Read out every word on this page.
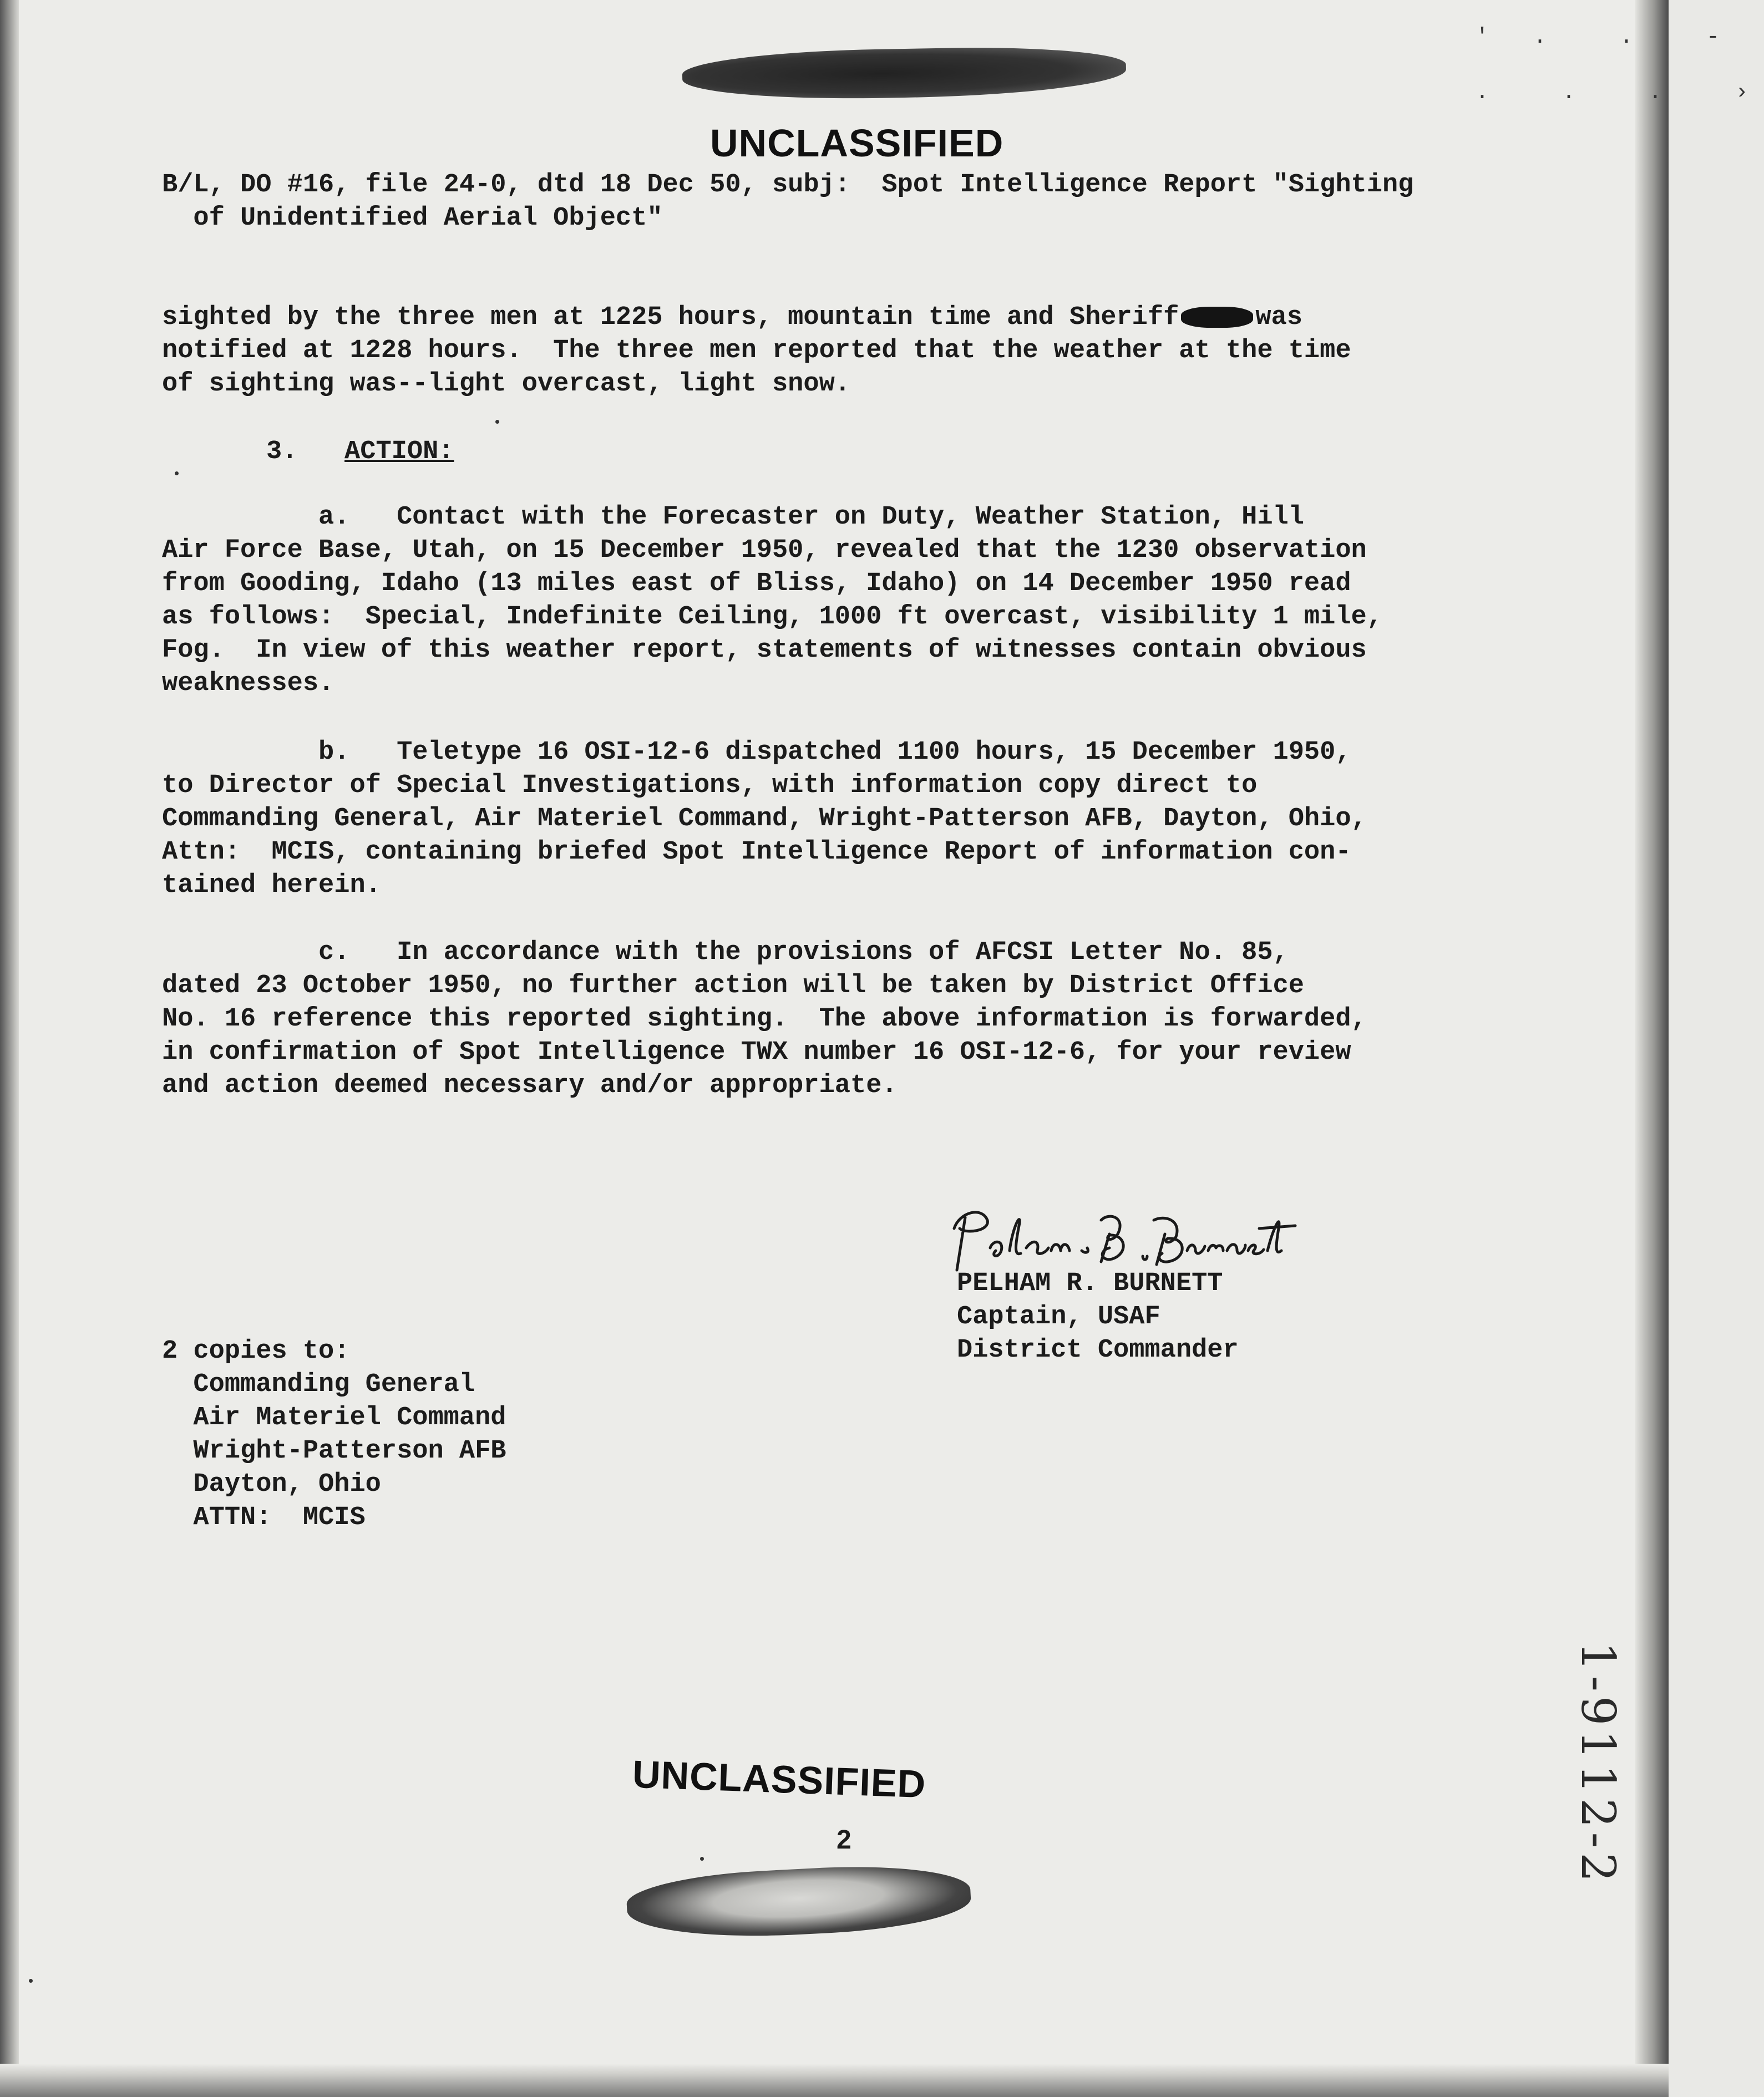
' .  .  -
.  .  .  ›
UNCLASSIFIED
B/L, DO #16, file 24-0, dtd 18 Dec 50, subj:  Spot Intelligence Report "Sighting
of Unidentified Aerial Object"
sighted by the three men at 1225 hours, mountain time and Sheriff	was
notified at 1228 hours.  The three men reported that the weather at the time
of sighting was--light overcast, light snow.
3. ACTION:
a.   Contact with the Forecaster on Duty, Weather Station, Hill
Air Force Base, Utah, on 15 December 1950, revealed that the 1230 observation
from Gooding, Idaho (13 miles east of Bliss, Idaho) on 14 December 1950 read
as follows:  Special, Indefinite Ceiling, 1000 ft overcast, visibility 1 mile,
Fog.  In view of this weather report, statements of witnesses contain obvious
weaknesses.
b.   Teletype 16 OSI-12-6 dispatched 1100 hours, 15 December 1950,
to Director of Special Investigations, with information copy direct to
Commanding General, Air Materiel Command, Wright-Patterson AFB, Dayton, Ohio,
Attn:  MCIS, containing briefed Spot Intelligence Report of information con-
tained herein.
c.   In accordance with the provisions of AFCSI Letter No. 85,
dated 23 October 1950, no further action will be taken by District Office
No. 16 reference this reported sighting.  The above information is forwarded,
in confirmation of Spot Intelligence TWX number 16 OSI-12-6, for your review
and action deemed necessary and/or appropriate.
PELHAM R. BURNETT
Captain, USAF
District Commander
2 copies to:
Commanding General
Air Materiel Command
Wright-Patterson AFB
Dayton, Ohio
ATTN:  MCIS
UNCLASSIFIED
2	1-9112-2
